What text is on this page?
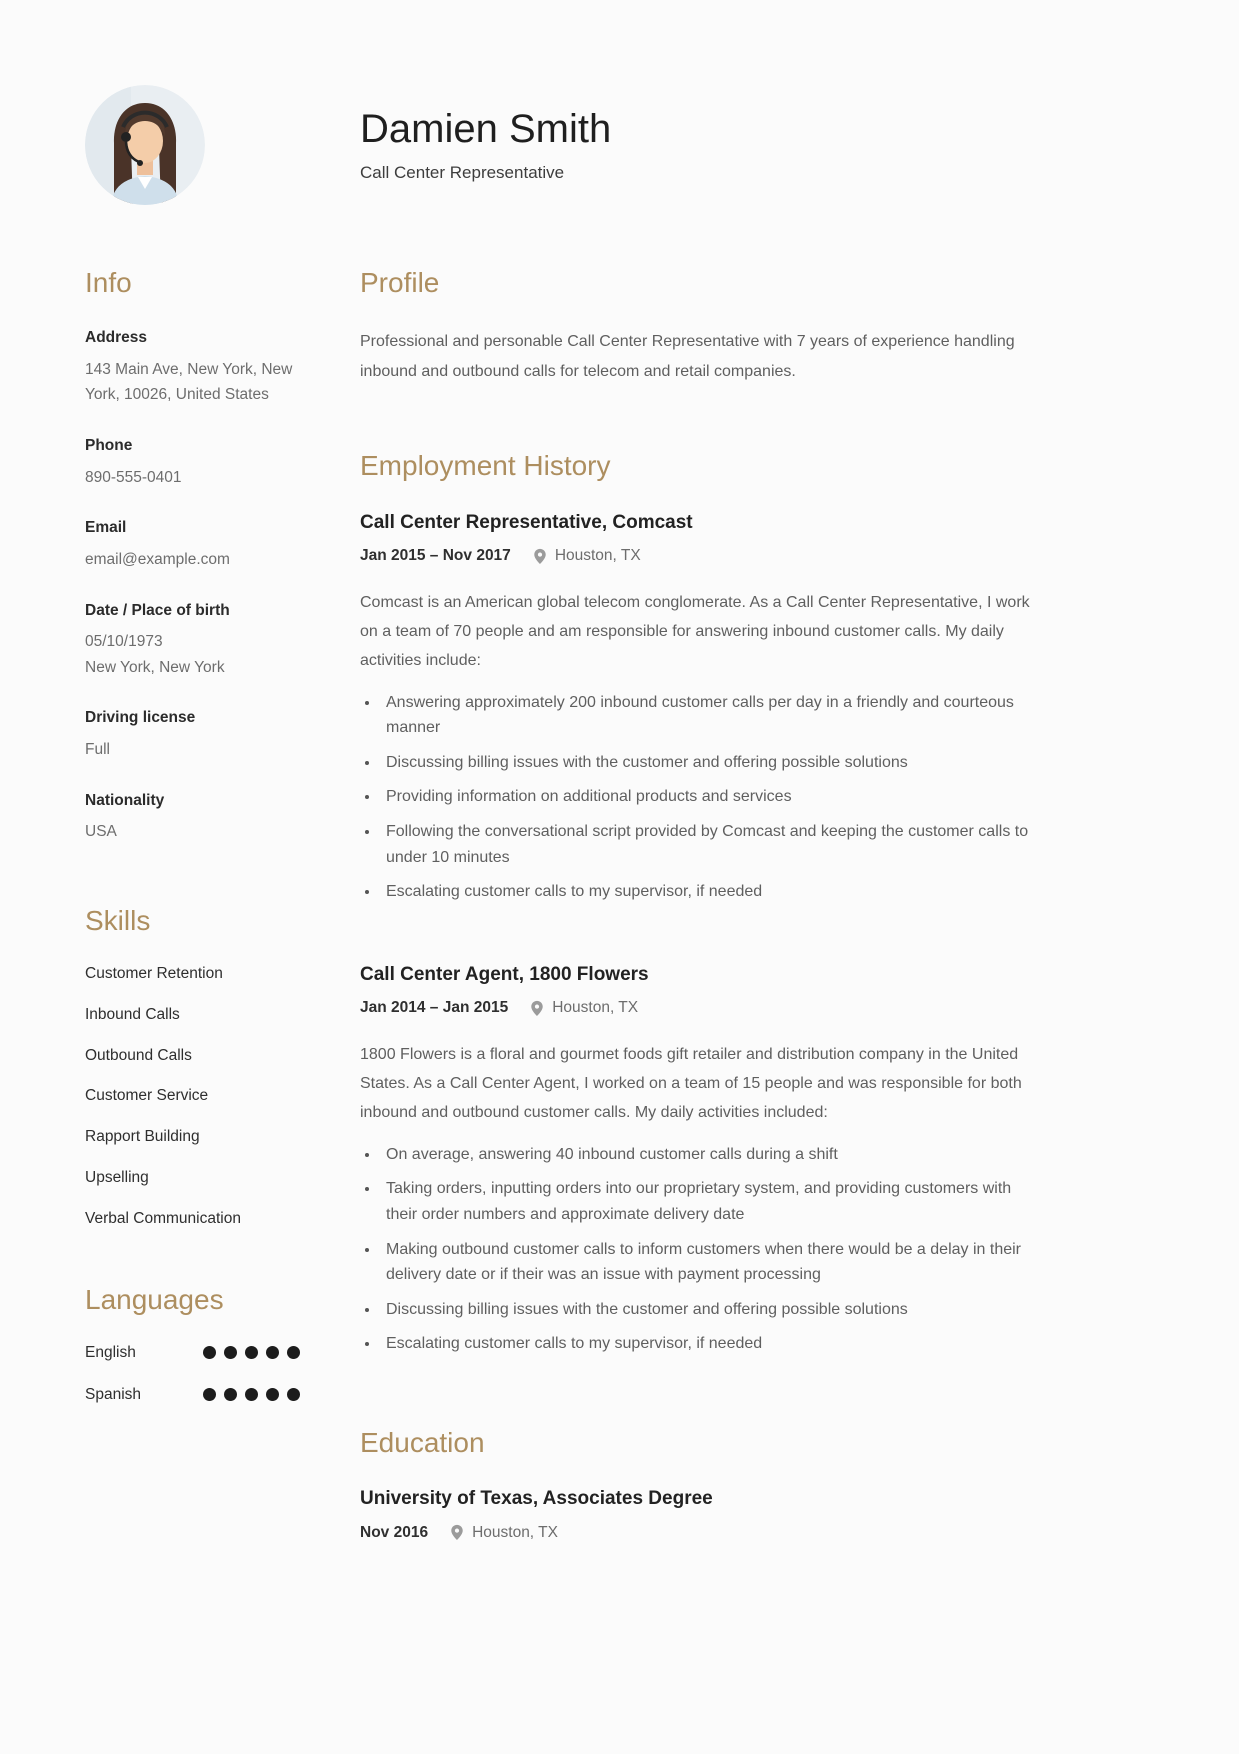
Damien Smith

Call Center Representative

Info
Address
143 Main Ave, New York, New York, 10026, United States
Phone
890-555-0401
Email
email@example.com
Date / Place of birth
05/10/1973
New York, New York
Driving license
Full
Nationality
USA
Skills
Customer Retention
Inbound Calls
Outbound Calls
Customer Service
Rapport Building
Upselling
Verbal Communication
Languages
English
Spanish
Profile

Professional and personable Call Center Representative with 7 years of experience handling inbound and outbound calls for telecom and retail companies.

Employment History
Call Center Representative, Comcast
Jan 2015 – Nov 2017	Houston, TX

Comcast is an American global telecom conglomerate. As a Call Center Representative, I work on a team of 70 people and am responsible for answering inbound customer calls. My daily activities include:

• Answering approximately 200 inbound customer calls per day in a friendly and courteous manner
• Discussing billing issues with the customer and offering possible solutions
• Providing information on additional products and services
• Following the conversational script provided by Comcast and keeping the customer calls to under 10 minutes
• Escalating customer calls to my supervisor, if needed
Call Center Agent, 1800 Flowers
Jan 2014 – Jan 2015	Houston, TX

1800 Flowers is a floral and gourmet foods gift retailer and distribution company in the United States. As a Call Center Agent, I worked on a team of 15 people and was responsible for both inbound and outbound customer calls. My daily activities included:

• On average, answering 40 inbound customer calls during a shift
• Taking orders, inputting orders into our proprietary system, and providing customers with their order numbers and approximate delivery date
• Making outbound customer calls to inform customers when there would be a delay in their delivery date or if their was an issue with payment processing
• Discussing billing issues with the customer and offering possible solutions
• Escalating customer calls to my supervisor, if needed
Education
University of Texas, Associates Degree
Nov 2016	Houston, TX
